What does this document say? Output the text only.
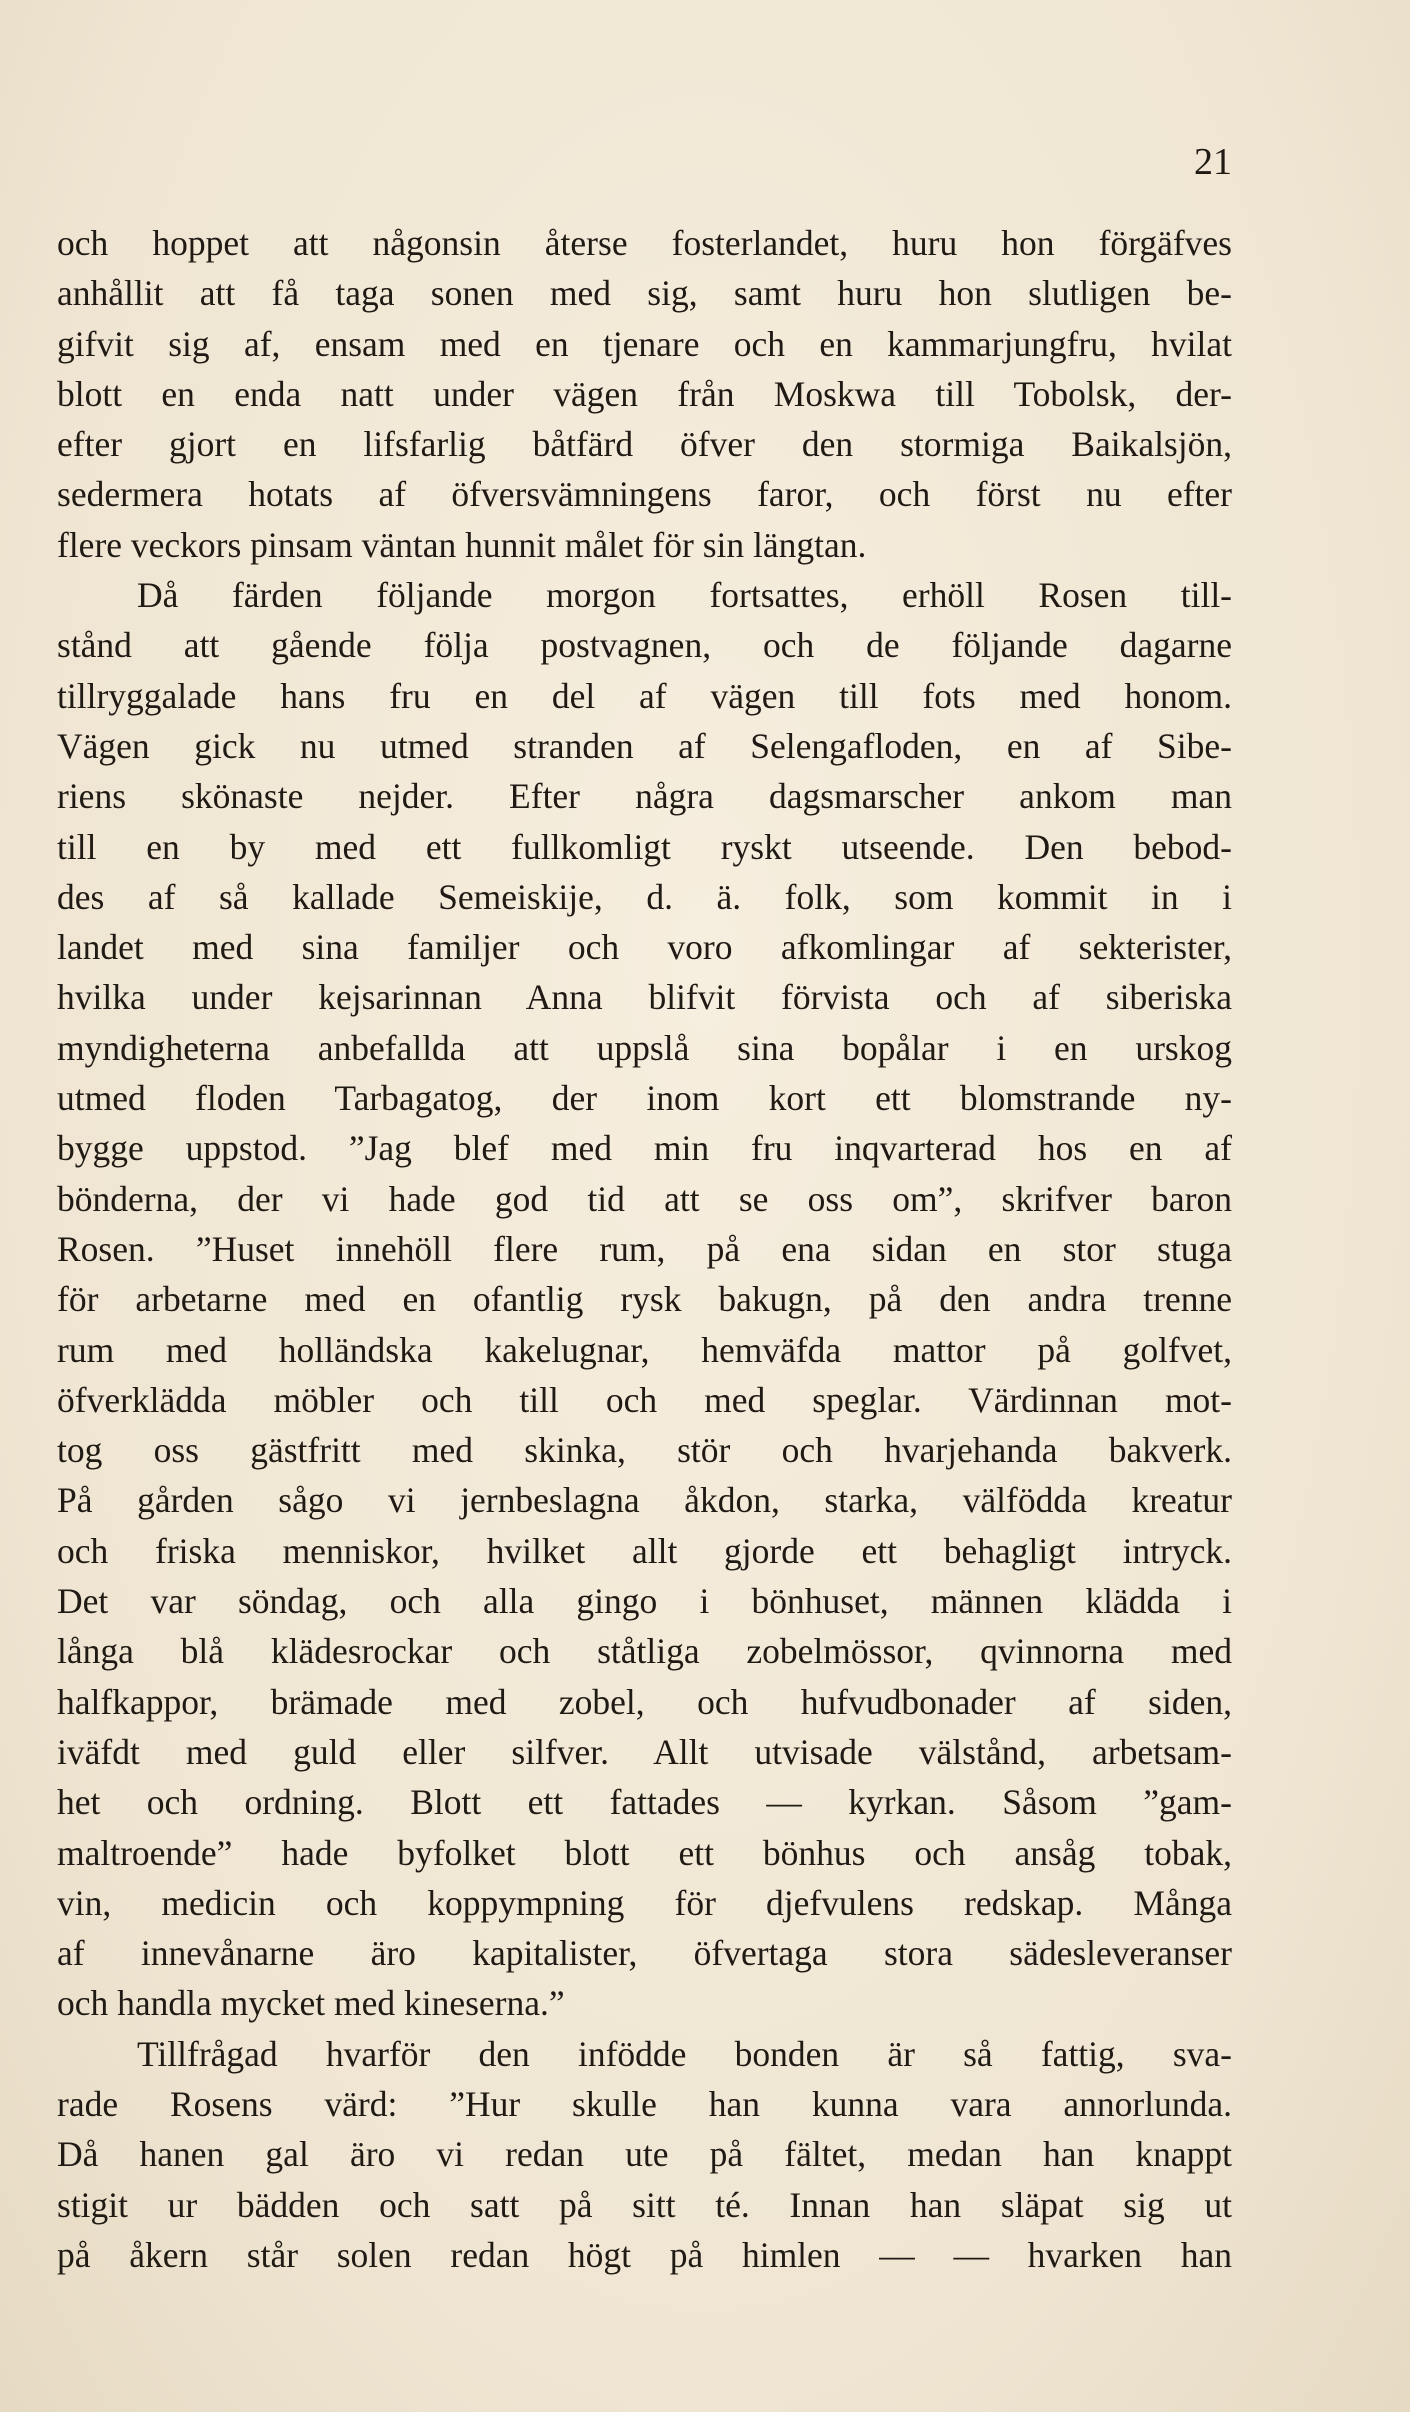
21
och hoppet att någonsin återse fosterlandet, huru hon förgäfves
anhållit att få taga sonen med sig, samt huru hon slutligen be-
gifvit sig af, ensam med en tjenare och en kammarjungfru, hvilat
blott en enda natt under vägen från Moskwa till Tobolsk, der-
efter gjort en lifsfarlig båtfärd öfver den stormiga Baikalsjön,
sedermera hotats af öfversvämningens faror, och först nu efter
flere veckors pinsam väntan hunnit målet för sin längtan.
Då färden följande morgon fortsattes, erhöll Rosen till-
stånd att gående följa postvagnen, och de följande dagarne
tillryggalade hans fru en del af vägen till fots med honom.
Vägen gick nu utmed stranden af Selengafloden, en af Sibe-
riens skönaste nejder. Efter några dagsmarscher ankom man
till en by med ett fullkomligt ryskt utseende. Den bebod-
des af så kallade Semeiskije, d. ä. folk, som kommit in i
landet med sina familjer och voro afkomlingar af sekterister,
hvilka under kejsarinnan Anna blifvit förvista och af siberiska
myndigheterna anbefallda att uppslå sina bopålar i en urskog
utmed floden Tarbagatog, der inom kort ett blomstrande ny-
bygge uppstod. ”Jag blef med min fru inqvarterad hos en af
bönderna, der vi hade god tid att se oss om”, skrifver baron
Rosen. ”Huset innehöll flere rum, på ena sidan en stor stuga
för arbetarne med en ofantlig rysk bakugn, på den andra trenne
rum med holländska kakelugnar, hemväfda mattor på golfvet,
öfverklädda möbler och till och med speglar. Värdinnan mot-
tog oss gästfritt med skinka, stör och hvarjehanda bakverk.
På gården sågo vi jernbeslagna åkdon, starka, välfödda kreatur
och friska menniskor, hvilket allt gjorde ett behagligt intryck.
Det var söndag, och alla gingo i bönhuset, männen klädda i
långa blå klädesrockar och ståtliga zobelmössor, qvinnorna med
halfkappor, brämade med zobel, och hufvudbonader af siden,
iväfdt med guld eller silfver. Allt utvisade välstånd, arbetsam-
het och ordning. Blott ett fattades — kyrkan. Såsom ”gam-
maltroende” hade byfolket blott ett bönhus och ansåg tobak,
vin, medicin och koppympning för djefvulens redskap. Många
af innevånarne äro kapitalister, öfvertaga stora sädesleveranser
och handla mycket med kineserna.”
Tillfrågad hvarför den infödde bonden är så fattig, sva-
rade Rosens värd: ”Hur skulle han kunna vara annorlunda.
Då hanen gal äro vi redan ute på fältet, medan han knappt
stigit ur bädden och satt på sitt té. Innan han släpat sig ut
på åkern står solen redan högt på himlen — — hvarken han
